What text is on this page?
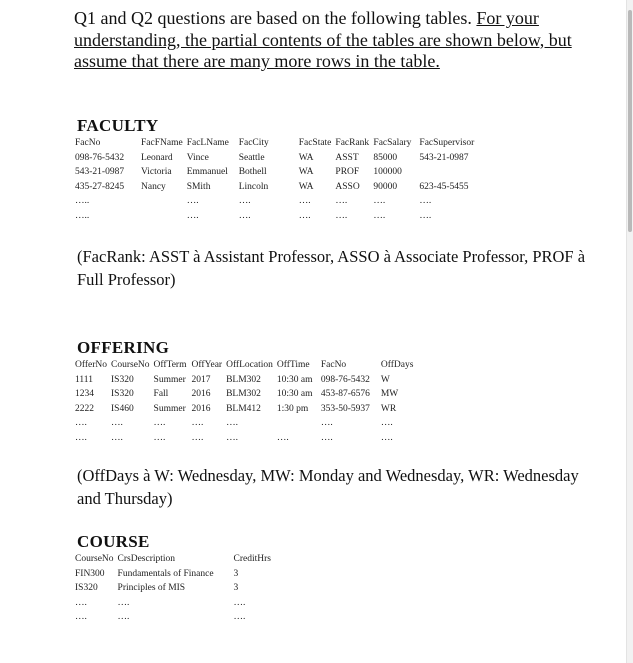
Q1 and Q2 questions are based on the following tables. For your understanding, the partial contents of the tables are shown below, but assume that there are many more rows in the table.
FACULTY
FacNo	FacFName	FacLName	FacCity	FacState	FacRank	FacSalary	FacSupervisor
098-76-5432	Leonard	Vince	Seattle	WA	ASST	85000	543-21-0987
543-21-0987	Victoria	Emmanuel	Bothell	WA	PROF	100000	
435-27-8245	Nancy	SMith	Lincoln	WA	ASSO	90000	623-45-5455
…..		….	….	….	….	….	….
…..		….	….	….	….	….	….
(FacRank: ASST à Assistant Professor, ASSO à Associate Professor, PROF à Full Professor)
OFFERING
OfferNo	CourseNo	OffTerm	OffYear	OffLocation	OffTime	FacNo	OffDays
1111	IS320	Summer	2017	BLM302	10:30 am	098-76-5432	W
1234	IS320	Fall	2016	BLM302	10:30 am	453-87-6576	MW
2222	IS460	Summer	2016	BLM412	1:30 pm	353-50-5937	WR
….	….	….	….	….		….	….
….	….	….	….	….	….	….	….
(OffDays à W: Wednesday, MW: Monday and Wednesday, WR: Wednesday and Thursday)
COURSE
CourseNo	CrsDescription	CreditHrs
FIN300	Fundamentals of Finance	3
IS320	Principles of MIS	3
….	….	….
….	….	….
